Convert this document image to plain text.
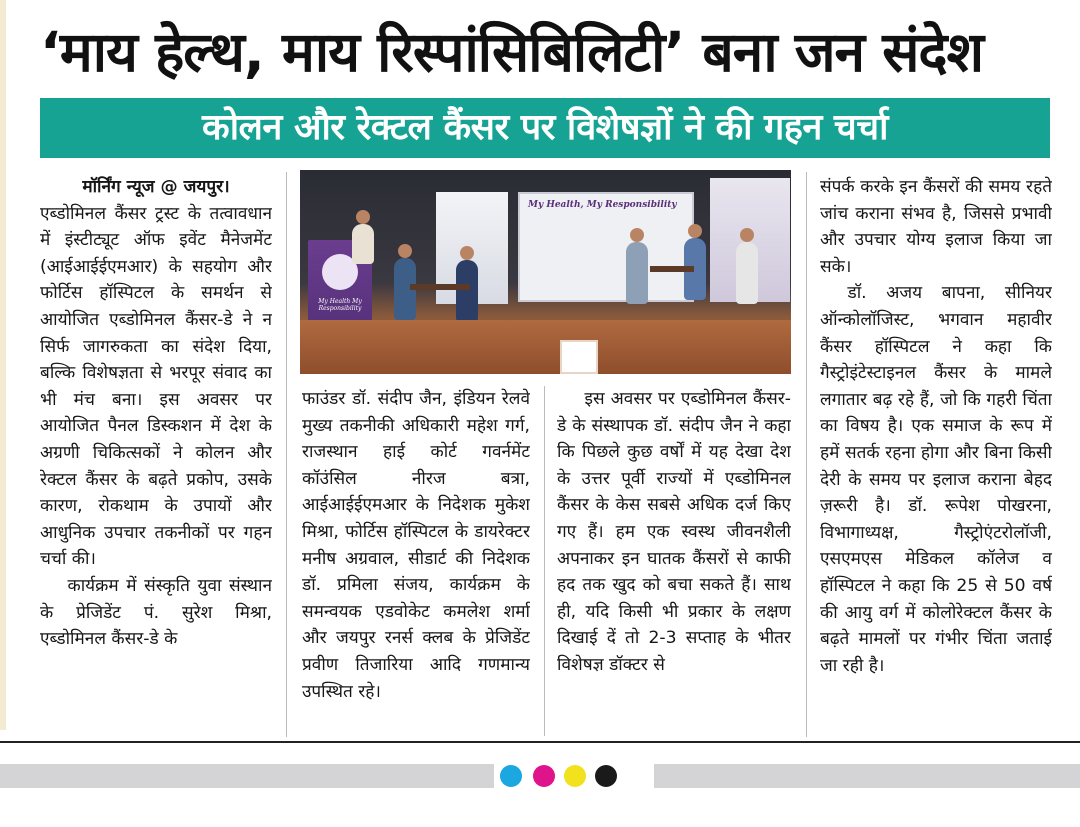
‘माय हेल्थ, माय रिस्पांसिबिलिटी’ बना जन संदेश
कोलन और रेक्टल कैंसर पर विशेषज्ञों ने की गहन चर्चा
मॉर्निंग न्यूज @ जयपुर।

एब्डोमिनल कैंसर ट्रस्ट के तत्वावधान में इंस्टीट्यूट ऑफ इवेंट मैनेजमेंट (आईआईईएमआर) के सहयोग और फोर्टिस हॉस्पिटल के समर्थन से आयोजित एब्डोमिनल कैंसर-डे ने न सिर्फ जागरुकता का संदेश दिया, बल्कि विशेषज्ञता से भरपूर संवाद का भी मंच बना। इस अवसर पर आयोजित पैनल डिस्कशन में देश के अग्रणी चिकित्सकों ने कोलन और रेक्टल कैंसर के बढ़ते प्रकोप, उसके कारण, रोकथाम के उपायों और आधुनिक उपचार तकनीकों पर गहन चर्चा की।

कार्यक्रम में संस्कृति युवा संस्थान के प्रेजिडेंट पं. सुरेश मिश्रा, एब्डोमिनल कैंसर-डे के

My Health, My Responsibility
My Health My Responsibility

फाउंडर डॉ. संदीप जैन, इंडियन रेलवे मुख्य तकनीकी अधिकारी महेश गर्ग, राजस्थान हाई कोर्ट गवर्नमेंट कॉउंसिल नीरज बत्रा, आईआईईएमआर के निदेशक मुकेश मिश्रा, फोर्टिस हॉस्पिटल के डायरेक्टर मनीष अग्रवाल, सीडार्ट की निदेशक डॉ. प्रमिला संजय, कार्यक्रम के समन्वयक एडवोकेट कमलेश शर्मा और जयपुर रनर्स क्लब के प्रेजिडेंट प्रवीण तिजारिया आदि गणमान्य उपस्थित रहे।

इस अवसर पर एब्डोमिनल कैंसर-डे के संस्थापक डॉ. संदीप जैन ने कहा कि पिछले कुछ वर्षों में यह देखा देश के उत्तर पूर्वी राज्यों में एब्डोमिनल कैंसर के केस सबसे अधिक दर्ज किए गए हैं। हम एक स्वस्थ जीवनशैली अपनाकर इन घातक कैंसरों से काफी हद तक खुद को बचा सकते हैं। साथ ही, यदि किसी भी प्रकार के लक्षण दिखाई दें तो 2-3 सप्ताह के भीतर विशेषज्ञ डॉक्टर से

संपर्क करके इन कैंसरों की समय रहते जांच कराना संभव है, जिससे प्रभावी और उपचार योग्य इलाज किया जा सके।

डॉ. अजय बापना, सीनियर ऑन्कोलॉजिस्ट, भगवान महावीर कैंसर हॉस्पिटल ने कहा कि गैस्ट्रोइंटेस्टाइनल कैंसर के मामले लगातार बढ़ रहे हैं, जो कि गहरी चिंता का विषय है। एक समाज के रूप में हमें सतर्क रहना होगा और बिना किसी देरी के समय पर इलाज कराना बेहद ज़रूरी है। डॉ. रूपेश पोखरना, विभागाध्यक्ष, गैस्ट्रोएंटरोलॉजी, एसएमएस मेडिकल कॉलेज व हॉस्पिटल ने कहा कि 25 से 50 वर्ष की आयु वर्ग में कोलोरेक्टल कैंसर के बढ़ते मामलों पर गंभीर चिंता जताई जा रही है।
